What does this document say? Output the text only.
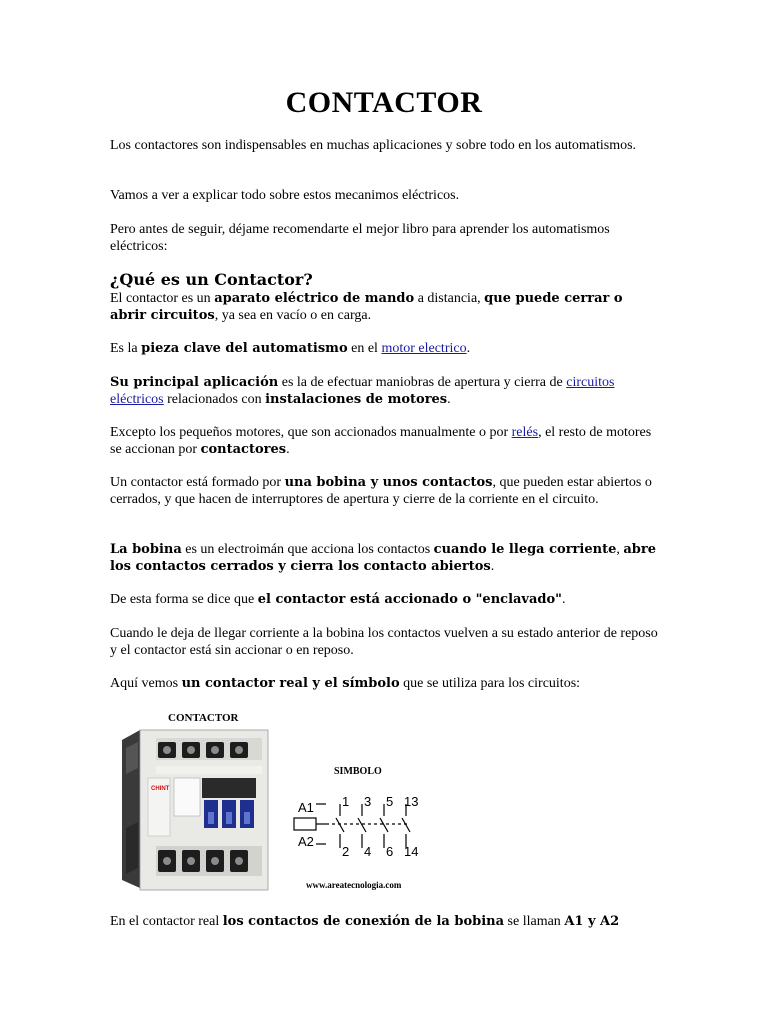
CONTACTOR
Los contactores son indispensables en muchas aplicaciones y sobre todo en los automatismos.
Vamos a ver a explicar todo sobre estos mecanimos eléctricos.
Pero antes de seguir, déjame recomendarte el mejor libro para aprender los automatismos eléctricos:
¿Qué es un Contactor?
El contactor es un aparato eléctrico de mando a distancia, que puede cerrar o abrir circuitos, ya sea en vacío o en carga.
Es la pieza clave del automatismo en el motor electrico.
Su principal aplicación es la de efectuar maniobras de apertura y cierra de circuitos eléctricos relacionados con instalaciones de motores.
Excepto los pequeños motores, que son accionados manualmente o por relés, el resto de motores se accionan por contactores.
Un contactor está formado por una bobina y unos contactos, que pueden estar abiertos o cerrados, y que hacen de interruptores de apertura y cierre de la corriente en el circuito.
La bobina es un electroimán que acciona los contactos cuando le llega corriente, abre los contactos cerrados y cierra los contacto abiertos.
De esta forma se dice que el contactor está accionado o "enclavado".
Cuando le deja de llegar corriente a la bobina los contactos vuelven a su estado anterior de reposo y el contactor está sin accionar o en reposo.
Aquí vemos un contactor real y el símbolo que se utiliza para los circuitos:
CONTACTOR
CHINT
SIMBOLO
A1
A2
1 3 5 13
2 4 6 14
www.areatecnologia.com
En el contactor real los contactos de conexión de la bobina se llaman A1 y A2
